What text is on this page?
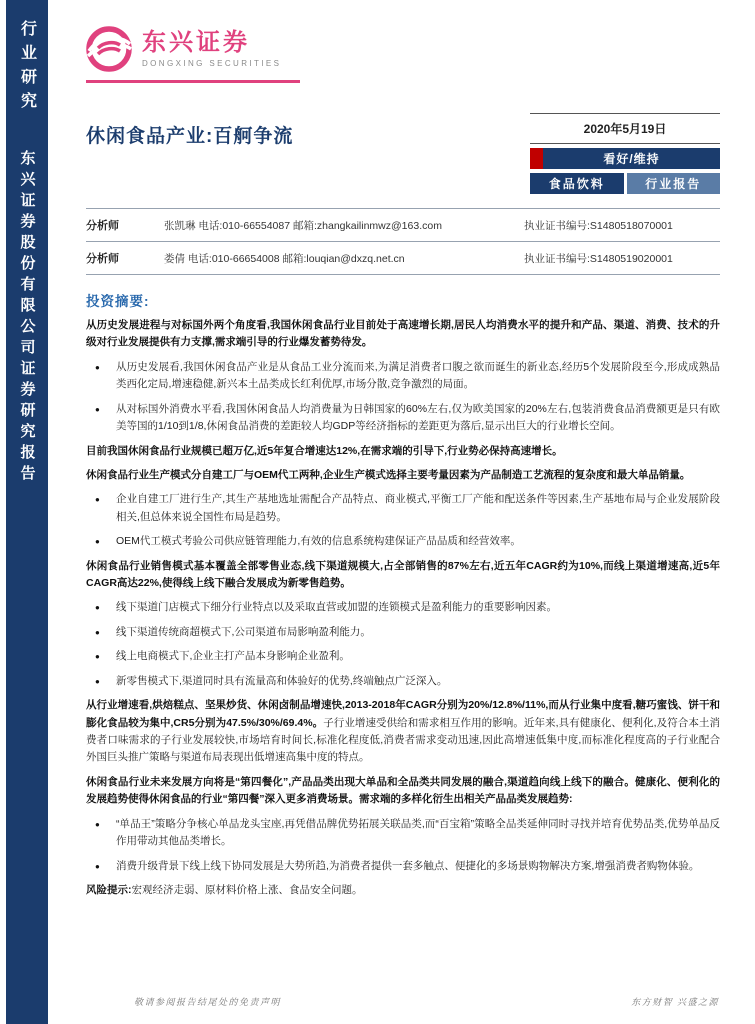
行业研究
东兴证券股份有限公司证券研究报告
东兴证券
DONGXING SECURITIES
休闲食品产业:百舸争流	2020年5月19日
看好/维持
食品饮料	行业报告
分析师	张凯琳 电话:010-66554087 邮箱:zhangkailinmwz@163.com	执业证书编号:S1480518070001
分析师	娄倩 电话:010-66654008 邮箱:louqian@dxzq.net.cn	执业证书编号:S1480519020001
投资摘要:
从历史发展进程与对标国外两个角度看,我国休闲食品行业目前处于高速增长期,居民人均消费水平的提升和产品、渠道、消费、技术的升级对行业发展提供有力支撑,需求端引导的行业爆发蓄势待发。
●	从历史发展看,我国休闲食品产业是从食品工业分流而来,为满足消费者口腹之欲而诞生的新业态,经历5个发展阶段至今,形成成熟品类西化定局,增速稳健,新兴本土品类成长红利优厚,市场分散,竞争激烈的局面。
●	从对标国外消费水平看,我国休闲食品人均消费量为日韩国家的60%左右,仅为欧美国家的20%左右,包装消费食品消费额更是只有欧美等国的1/10到1/8,休闲食品消费的差距较人均GDP等经济指标的差距更为落后,显示出巨大的行业增长空间。
目前我国休闲食品行业规模已超万亿,近5年复合增速达12%,在需求端的引导下,行业势必保持高速增长。
休闲食品行业生产模式分自建工厂与OEM代工两种,企业生产模式选择主要考量因素为产品制造工艺流程的复杂度和最大单品销量。
●	企业自建工厂进行生产,其生产基地选址需配合产品特点、商业模式,平衡工厂产能和配送条件等因素,生产基地布局与企业发展阶段相关,但总体来说全国性布局是趋势。
●	OEM代工模式考验公司供应链管理能力,有效的信息系统构建保证产品品质和经营效率。
休闲食品行业销售模式基本覆盖全部零售业态,线下渠道规模大,占全部销售的87%左右,近五年CAGR约为10%,而线上渠道增速高,近5年CAGR高达22%,使得线上线下融合发展成为新零售趋势。
●	线下渠道门店模式下细分行业特点以及采取直营或加盟的连锁模式是盈利能力的重要影响因素。
●	线下渠道传统商超模式下,公司渠道布局影响盈利能力。
●	线上电商模式下,企业主打产品本身影响企业盈利。
●	新零售模式下,渠道同时具有流量高和体验好的优势,终端触点广泛深入。
从行业增速看,烘焙糕点、坚果炒货、休闲卤制品增速快,2013-2018年CAGR分别为20%/12.8%/11%,而从行业集中度看,糖巧蜜饯、饼干和膨化食品较为集中,CR5分别为47.5%/30%/69.4%。子行业增速受供给和需求相互作用的影响。近年来,具有健康化、便利化,及符合本土消费者口味需求的子行业发展较快,市场培育时间长,标准化程度低,消费者需求变动迅速,因此高增速低集中度,而标准化程度高的子行业配合外国巨头推广策略与渠道布局表现出低增速高集中度的特点。
休闲食品行业未来发展方向将是“第四餐化”,产品品类出现大单品和全品类共同发展的融合,渠道趋向线上线下的融合。健康化、便利化的发展趋势使得休闲食品的行业“第四餐”深入更多消费场景。需求端的多样化衍生出相关产品品类发展趋势:
●	“单品王”策略分争核心单品龙头宝座,再凭借品牌优势拓展关联品类,而“百宝箱”策略全品类延伸同时寻找并培育优势品类,优势单品反作用带动其他品类增长。
●	消费升级背景下线上线下协同发展是大势所趋,为消费者提供一套多触点、便捷化的多场景购物解决方案,增强消费者购物体验。
风险提示:宏观经济走弱、原材料价格上涨、食品安全问题。
敬请参阅报告结尾处的免责声明	东方财智 兴盛之源
